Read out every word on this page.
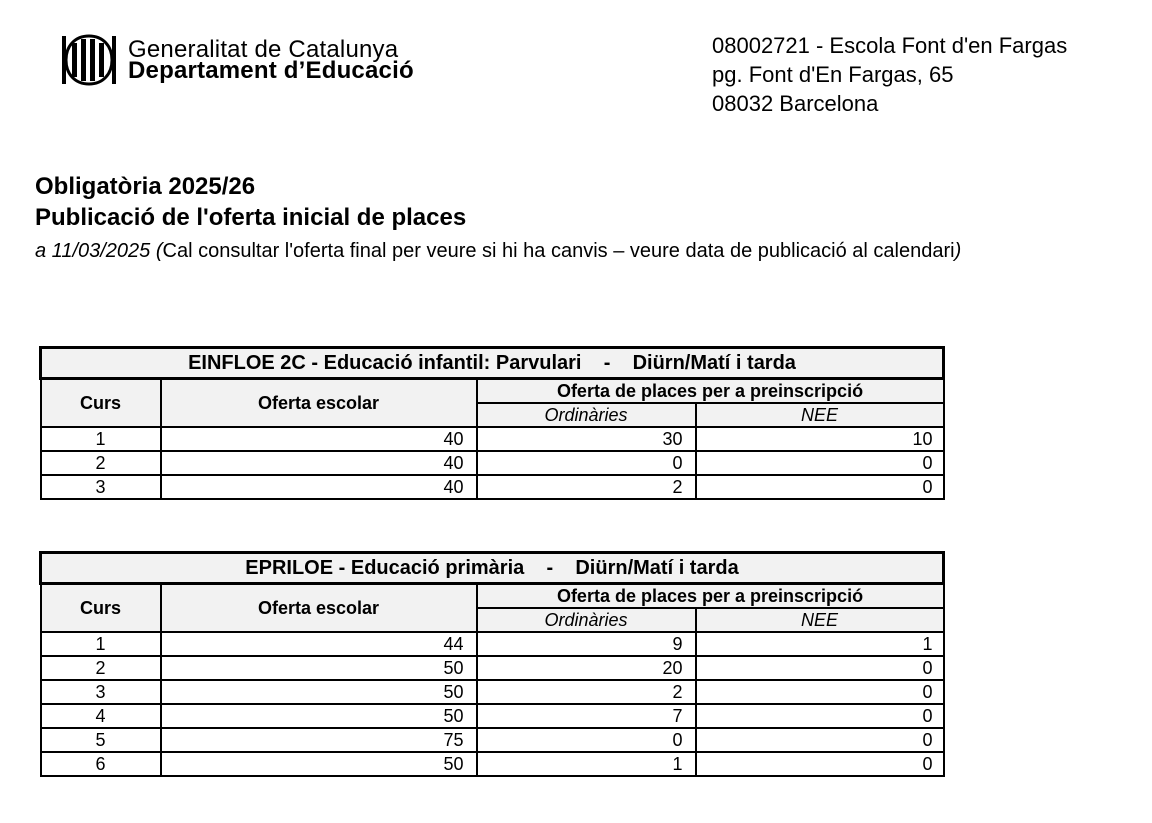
Generalitat de Catalunya
Departament d’Educació
08002721 - Escola Font d'en Fargas
pg. Font d'En Fargas, 65
08032 Barcelona
Obligatòria 2025/26
Publicació de l'oferta inicial de places
a 11/03/2025 (Cal consultar l'oferta final per veure si hi ha canvis – veure data de publicació al calendari)
EINFLOE 2C - Educació infantil: Parvulari    -    Diürn/Matí i tarda			
Curs	Oferta escolar	Oferta de places per a preinscripció	
		Ordinàries	NEE
1	40	30	10
2	40	0	0
3	40	2	0
EPRILOE - Educació primària    -    Diürn/Matí i tarda			
Curs	Oferta escolar	Oferta de places per a preinscripció	
		Ordinàries	NEE
1	44	9	1
2	50	20	0
3	50	2	0
4	50	7	0
5	75	0	0
6	50	1	0
